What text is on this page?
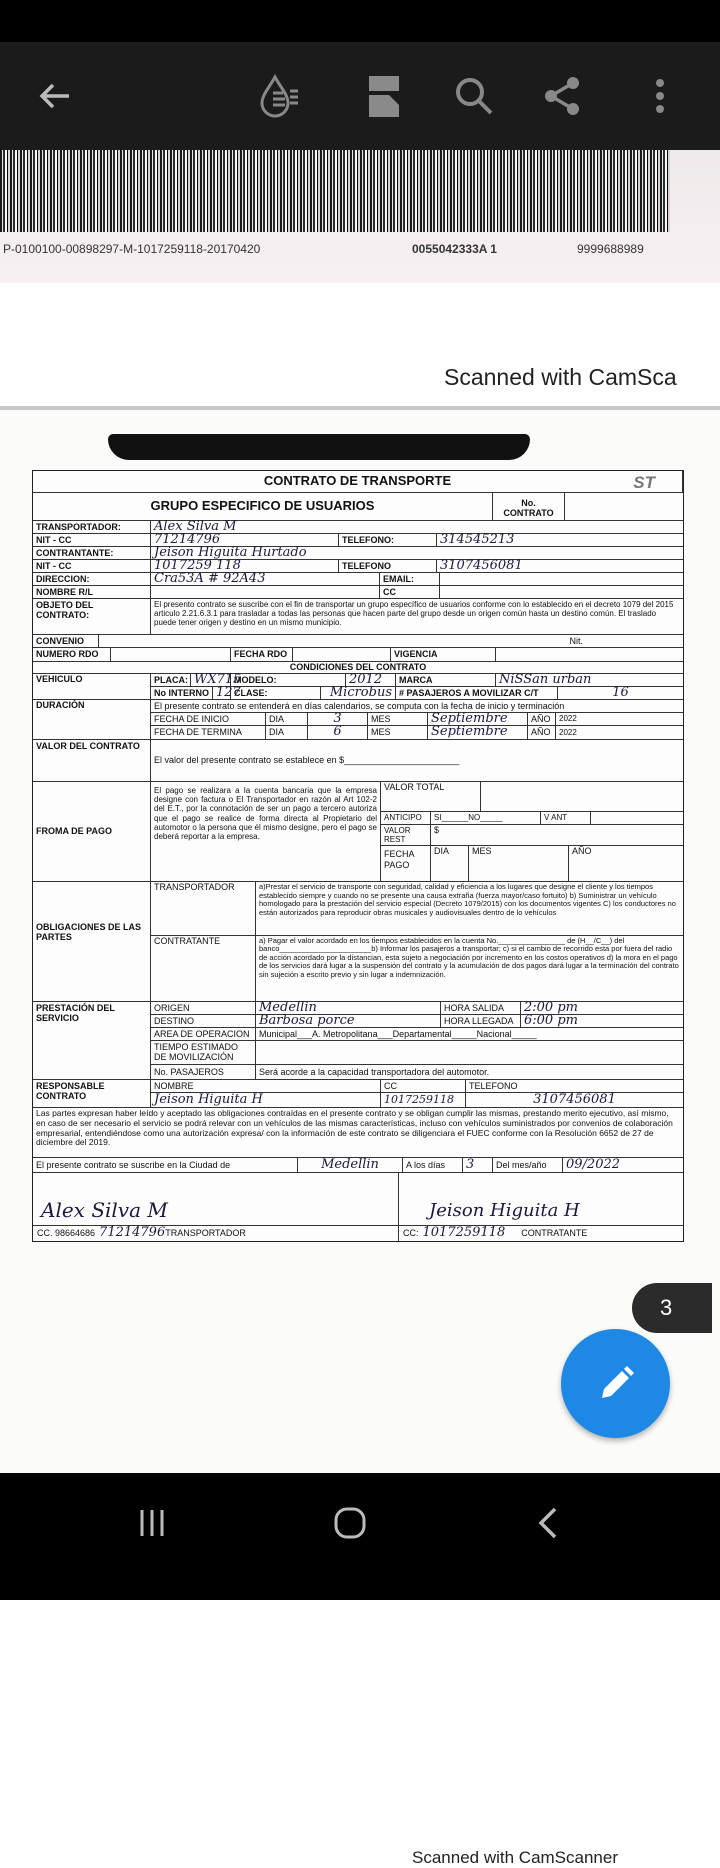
P-0100100-00898297-M-1017259118-20170420	0055042333A 1	9999688989
Scanned with CamSca
Scanned with CamScanner
CONTRATO DE TRANSPORTE	ST
GRUPO ESPECIFICO DE USUARIOS	No. CONTRATO
TRANSPORTADOR:	Alex Silva M
NIT - CC	71214796	TELEFONO:	314545213
CONTRANTANTE:	Jeison Higuita Hurtado
NIT - CC	1017259 118	TELEFONO	3107456081
DIRECCION:	Cra53A # 92A43	EMAIL:
NOMBRE R/L	CC
OBJETO DEL CONTRATO:
El presento contrato se suscribe con el fin de transportar un grupo específico de usuarios conforme con lo establecido en el decreto 1079 del 2015 articulo 2.21.6.3.1 para trasladar a todas las personas que hacen parte del grupo desde un origen común hasta un destino común. El traslado puede tener origen y destino en un mismo municipio.
CONVENIO	Nit.
NUMERO RDO	FECHA RDO	VIGENCIA
CONDICIONES DEL CONTRATO
VEHICULO	PLACA: WX715
MODELO:	2012	MARCA	NiSSan urban
No INTERNO 127
CLASE:	Microbus # PASAJEROS A MOVILIZAR C/T	16
DURACIÓN	El presente contrato se entenderá en días calendarios, se computa con la fecha de inicio y terminación
FECHA DE INICIO	DIA	3	MES	Septiembre	AÑO	2022
FECHA DE TERMINA	DIA	6	MES	Septiembre	AÑO	2022
VALOR DEL CONTRATO
El valor del presente contrato se establece en $_______________________
FROMA DE PAGO
El pago se realizara a la cuenta bancaria que la empresa designe con factura o El Transportador en razón al Art 102-2 del E.T., por la connotación de ser un pago a tercero autoriza que el pago se realice de forma directa al Propietario del automotor o la persona que él mismo designe, pero el pago se deberá reportar a la empresa.
VALOR TOTAL
ANTICIPO	SI______NO_____	V ANT
VALOR REST
$
FECHA PAGO
DIA	MES	AÑO
OBLIGACIONES DE LAS PARTES
TRANSPORTADOR	a)Prestar el servicio de transporte con seguridad, calidad y eficiencia a los lugares que designe el cliente y los tiempos establecido siempre y cuando no se presente una causa extraña (fuerza mayor/caso fortuito) b) Suministrar un vehículo homologado para la prestación del servicio especial (Decreto 1079/2015) con los documentos vigentes C) los conductores no están autorizados para reproducir obras musicales y audiovisuales dentro de lo vehículos
CONTRATANTE	a) Pagar el valor acordado en los tiempos establecidos en la cuenta No.________________ de (H__/C__) del banco______________________b) Informar los pasajeros a transportar; c) si el cambio de recorrido esta por fuera del radio de acción acordado por la distancian, esta sujeto a negociación por incremento en los costos operativos d) la mora en el pago de los servicios dará lugar a la suspensión del contrato y la acumulación de dos pagos dará lugar a la terminación del contrato sin sujeción a escrito previo y sin lugar a indemnización.
PRESTACIÓN DEL SERVICIO
ORIGEN	Medellin	HORA SALIDA	2:00 pm
DESTINO	Barbosa porce	HORA LLEGADA 6:00 pm
AREA DE OPERACION	Municipal___A. Metropolitana___Departamental_____Nacional_____
TIEMPO ESTIMADO DE MOVILIZACIÓN
No. PASAJEROS	Será acorde a la capacidad transportadora del automotor.
RESPONSABLE CONTRATO
NOMBRE	CC	TELEFONO
Jeison Higuita H	1017259118	3107456081
Las partes expresan haber leído y aceptado las obligaciones contraídas en el presente contrato y se obligan cumplir las mismas, prestando merito ejecutivo, así mismo, en caso de ser necesario el servicio se podrá relevar con un vehículos de las mismas características, incluso con vehículos suministrados por convenios de colaboración empresarial, entendiéndose como una autorización expresa/ con la información de este contrato se diligenciara el FUEC conforme con la Resolución 6652 de 27 de diciembre del 2019.
El presente contrato se suscribe en la Ciudad de	Medellin	A los días	3	Del mes/año	09/2022
Alex Silva M
CC. 98664686 71214796 TRANSPORTADOR
Jeison Higuita H
CC: 1017259118 CONTRATANTE
3
